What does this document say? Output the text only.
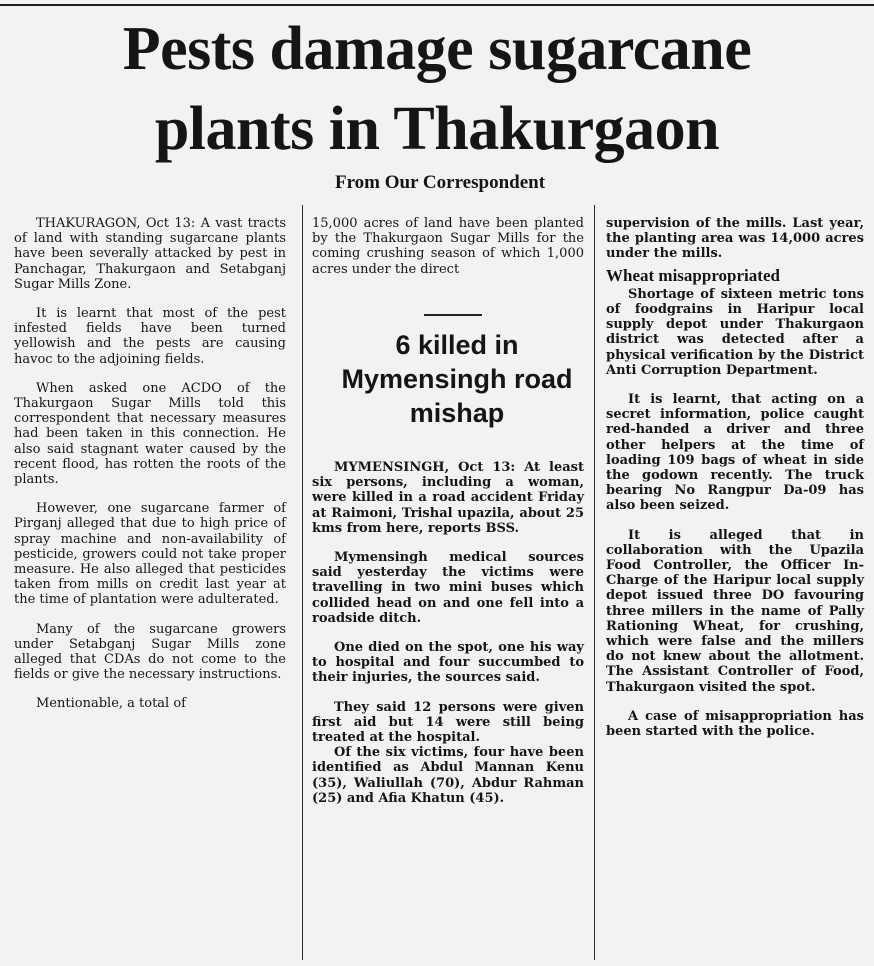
Pests damage sugarcane
plants in Thakurgaon

From Our Correspondent

THAKURAGON, Oct 13: A vast tracts of land with standing sugarcane plants have been severally attacked by pest in Panchagar, Thakurgaon and Setabganj Sugar Mills Zone.

It is learnt that most of the pest infested fields have been turned yellowish and the pests are causing havoc to the adjoining fields.

When asked one ACDO of the Thakurgaon Sugar Mills told this correspondent that necessary measures had been taken in this connection. He also said stagnant water caused by the recent flood, has rotten the roots of the plants.

However, one sugarcane farmer of Pirganj alleged that due to high price of spray machine and non-availability of pesticide, growers could not take proper measure. He also alleged that pesticides taken from mills on credit last year at the time of plantation were adulterated.

Many of the sugarcane growers under Setabganj Sugar Mills zone alleged that CDAs do not come to the fields or give the necessary instructions.

Mentionable, a total of

15,000 acres of land have been planted by the Thakurgaon Sugar Mills for the coming crushing season of which 1,000 acres under the direct

6 killed in Mymensingh road mishap

MYMENSINGH, Oct 13: At least six persons, including a woman, were killed in a road accident Friday at Raimoni, Trishal upazila, about 25 kms from here, reports BSS.

Mymensingh medical sources said yesterday the victims were travelling in two mini buses which collided head on and one fell into a roadside ditch.

One died on the spot, one his way to hospital and four succumbed to their injuries, the sources said.

They said 12 persons were given first aid but 14 were still being treated at the hospital.

Of the six victims, four have been identified as Abdul Mannan Kenu (35), Waliullah (70), Abdur Rahman (25) and Afia Khatun (45).

supervision of the mills. Last year, the planting area was 14,000 acres under the mills.

Wheat misappropriated

Shortage of sixteen metric tons of foodgrains in Haripur local supply depot under Thakurgaon district was detected after a physical verification by the District Anti Corruption Department.

It is learnt, that acting on a secret information, police caught red-handed a driver and three other helpers at the time of loading 109 bags of wheat in side the godown recently. The truck bearing No Rangpur Da-09 has also been seized.

It is alleged that in collaboration with the Upazila Food Controller, the Officer In-Charge of the Haripur local supply depot issued three DO favouring three millers in the name of Pally Rationing Wheat, for crushing, which were false and the millers do not knew about the allotment. The Assistant Controller of Food, Thakurgaon visited the spot.

A case of misappropriation has been started with the police.
